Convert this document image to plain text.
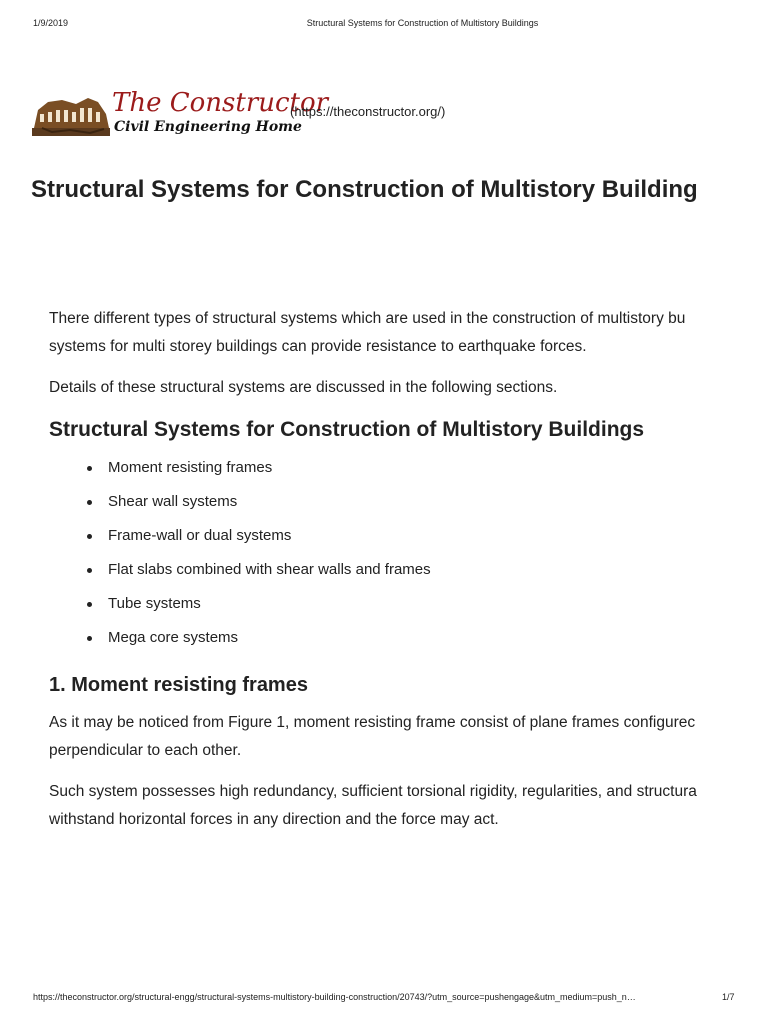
1/9/2019	Structural Systems for Construction of Multistory Buildings
The Constructor
Civil Engineering Home
(https://theconstructor.org/)
Structural Systems for Construction of Multistory Building

There different types of structural systems which are used in the construction of multistory bu
systems for multi storey buildings can provide resistance to earthquake forces.

Details of these structural systems are discussed in the following sections.

Structural Systems for Construction of Multistory Buildings
Moment resisting frames
Shear wall systems
Frame-wall or dual systems
Flat slabs combined with shear walls and frames
Tube systems
Mega core systems
1. Moment resisting frames

As it may be noticed from Figure 1, moment resisting frame consist of plane frames configurec
perpendicular to each other.

Such system possesses high redundancy, sufficient torsional rigidity, regularities, and structura
withstand horizontal forces in any direction and the force may act.

https://theconstructor.org/structural-engg/structural-systems-multistory-building-construction/20743/?utm_source=pushengage&utm_medium=push_n…	1/7
